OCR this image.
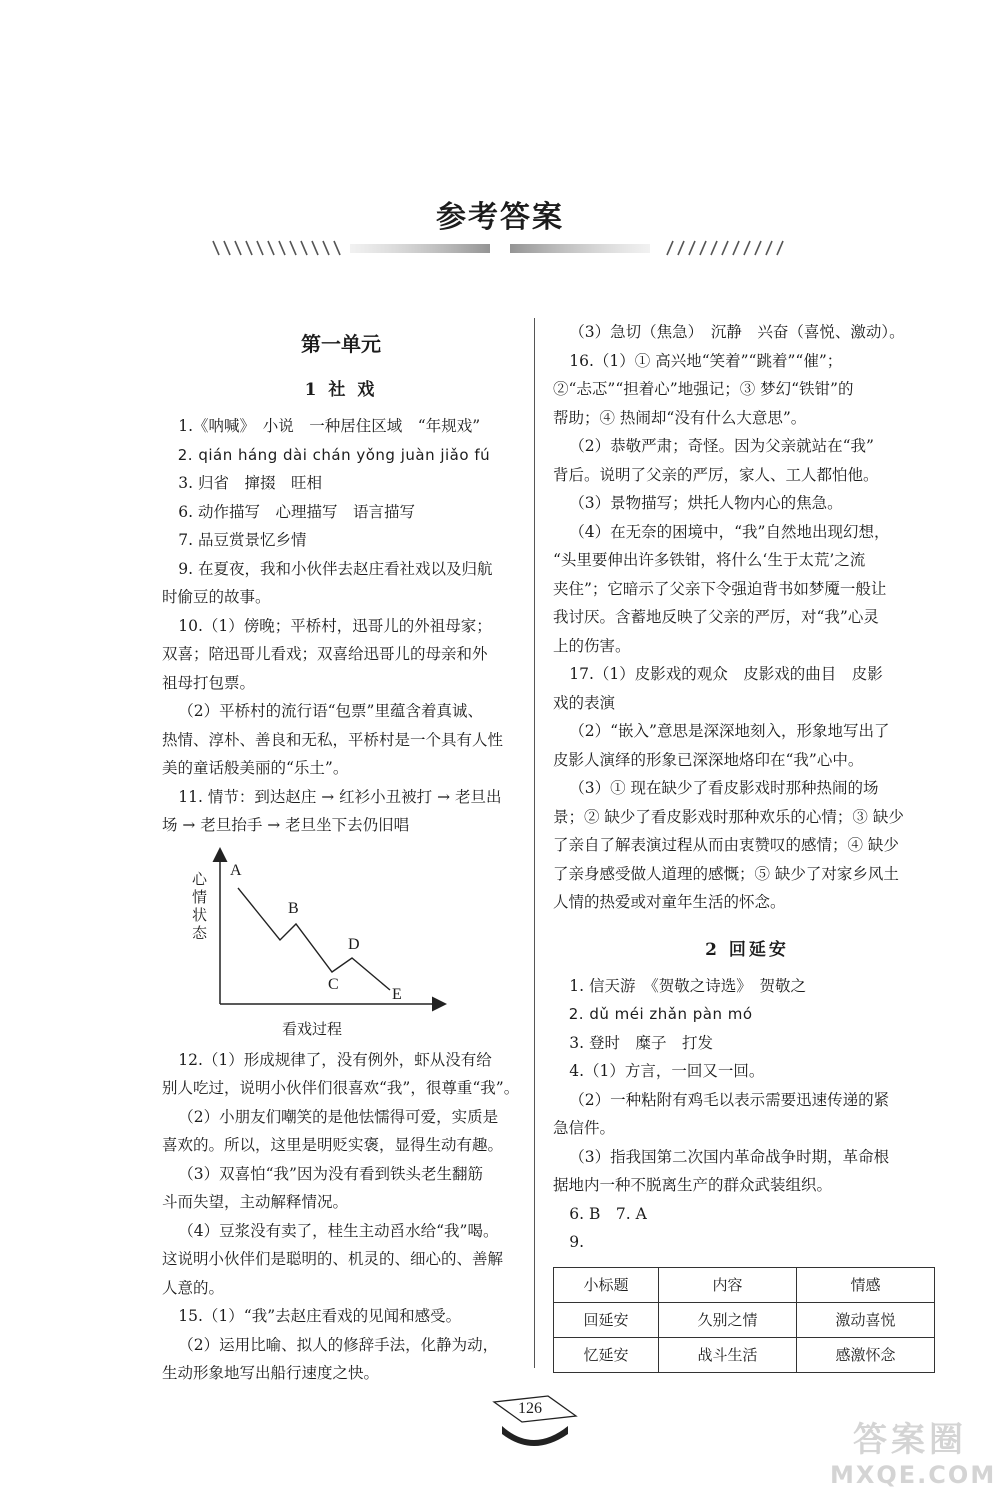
参考答案
第一单元
1 社 戏
1.《呐喊》　小说　一种居住区域　“年规戏”
2. qián háng dài chán yǒng juàn jiǎo fú
3. 归省　撺掇　旺相
6. 动作描写　心理描写　语言描写
7. 品豆赏景忆乡情
9. 在夏夜，我和小伙伴去赵庄看社戏以及归航
时偷豆的故事。
10.（1）傍晚；平桥村，迅哥儿的外祖母家；
双喜；陪迅哥儿看戏；双喜给迅哥儿的母亲和外
祖母打包票。
（2）平桥村的流行语“包票”里蕴含着真诚、
热情、淳朴、善良和无私，平桥村是一个具有人性
美的童话般美丽的“乐土”。
11. 情节：到达赵庄 → 红衫小丑被打 → 老旦出
场 → 老旦抬手 → 老旦坐下去仍旧唱
心情状态
A
B
C
D
E
看戏过程
12.（1）形成规律了，没有例外，虾从没有给
别人吃过，说明小伙伴们很喜欢“我”，很尊重“我”。
（2）小朋友们嘲笑的是他怯懦得可爱，实质是
喜欢的。所以，这里是明贬实褒，显得生动有趣。
（3）双喜怕“我”因为没有看到铁头老生翻筋
斗而失望，主动解释情况。
（4）豆浆没有卖了，桂生主动舀水给“我”喝。
这说明小伙伴们是聪明的、机灵的、细心的、善解
人意的。
15.（1）“我”去赵庄看戏的见闻和感受。
（2）运用比喻、拟人的修辞手法，化静为动，
生动形象地写出船行速度之快。
（3）急切（焦急）　沉静　兴奋（喜悦、激动）。
16.（1）① 高兴地“笑着”“跳着”“催”；
②“忐忑”“担着心”地强记；③ 梦幻“铁钳”的
帮助；④ 热闹却“没有什么大意思”。
（2）恭敬严肃；奇怪。因为父亲就站在“我”
背后。说明了父亲的严厉，家人、工人都怕他。
（3）景物描写；烘托人物内心的焦急。
（4）在无奈的困境中，“我”自然地出现幻想，
“头里要伸出许多铁钳，将什么‘生于太荒’之流
夹住”；它暗示了父亲下令强迫背书如梦魇一般让
我讨厌。含蓄地反映了父亲的严厉，对“我”心灵
上的伤害。
17.（1）皮影戏的观众　皮影戏的曲目　皮影
戏的表演
（2）“嵌入”意思是深深地刻入，形象地写出了
皮影人演绎的形象已深深地烙印在“我”心中。
（3）① 现在缺少了看皮影戏时那种热闹的场
景；② 缺少了看皮影戏时那种欢乐的心情；③ 缺少
了亲自了解表演过程从而由衷赞叹的感情；④ 缺少
了亲身感受做人道理的感慨；⑤ 缺少了对家乡风土
人情的热爱或对童年生活的怀念。
2 回延安
1. 信天游　《贺敬之诗选》　贺敬之
2. dǔ méi zhǎn pàn mó
3. 登时　糜子　打发
4.（1）方言，一回又一回。
（2）一种粘附有鸡毛以表示需要迅速传递的紧
急信件。
（3）指我国第二次国内革命战争时期，革命根
据地内一种不脱离生产的群众武装组织。
6. B　7. A
9.
小标题	内容	情感
回延安	久别之情	激动喜悦
忆延安	战斗生活	感激怀念
126
答案圈
MXQE.COM
